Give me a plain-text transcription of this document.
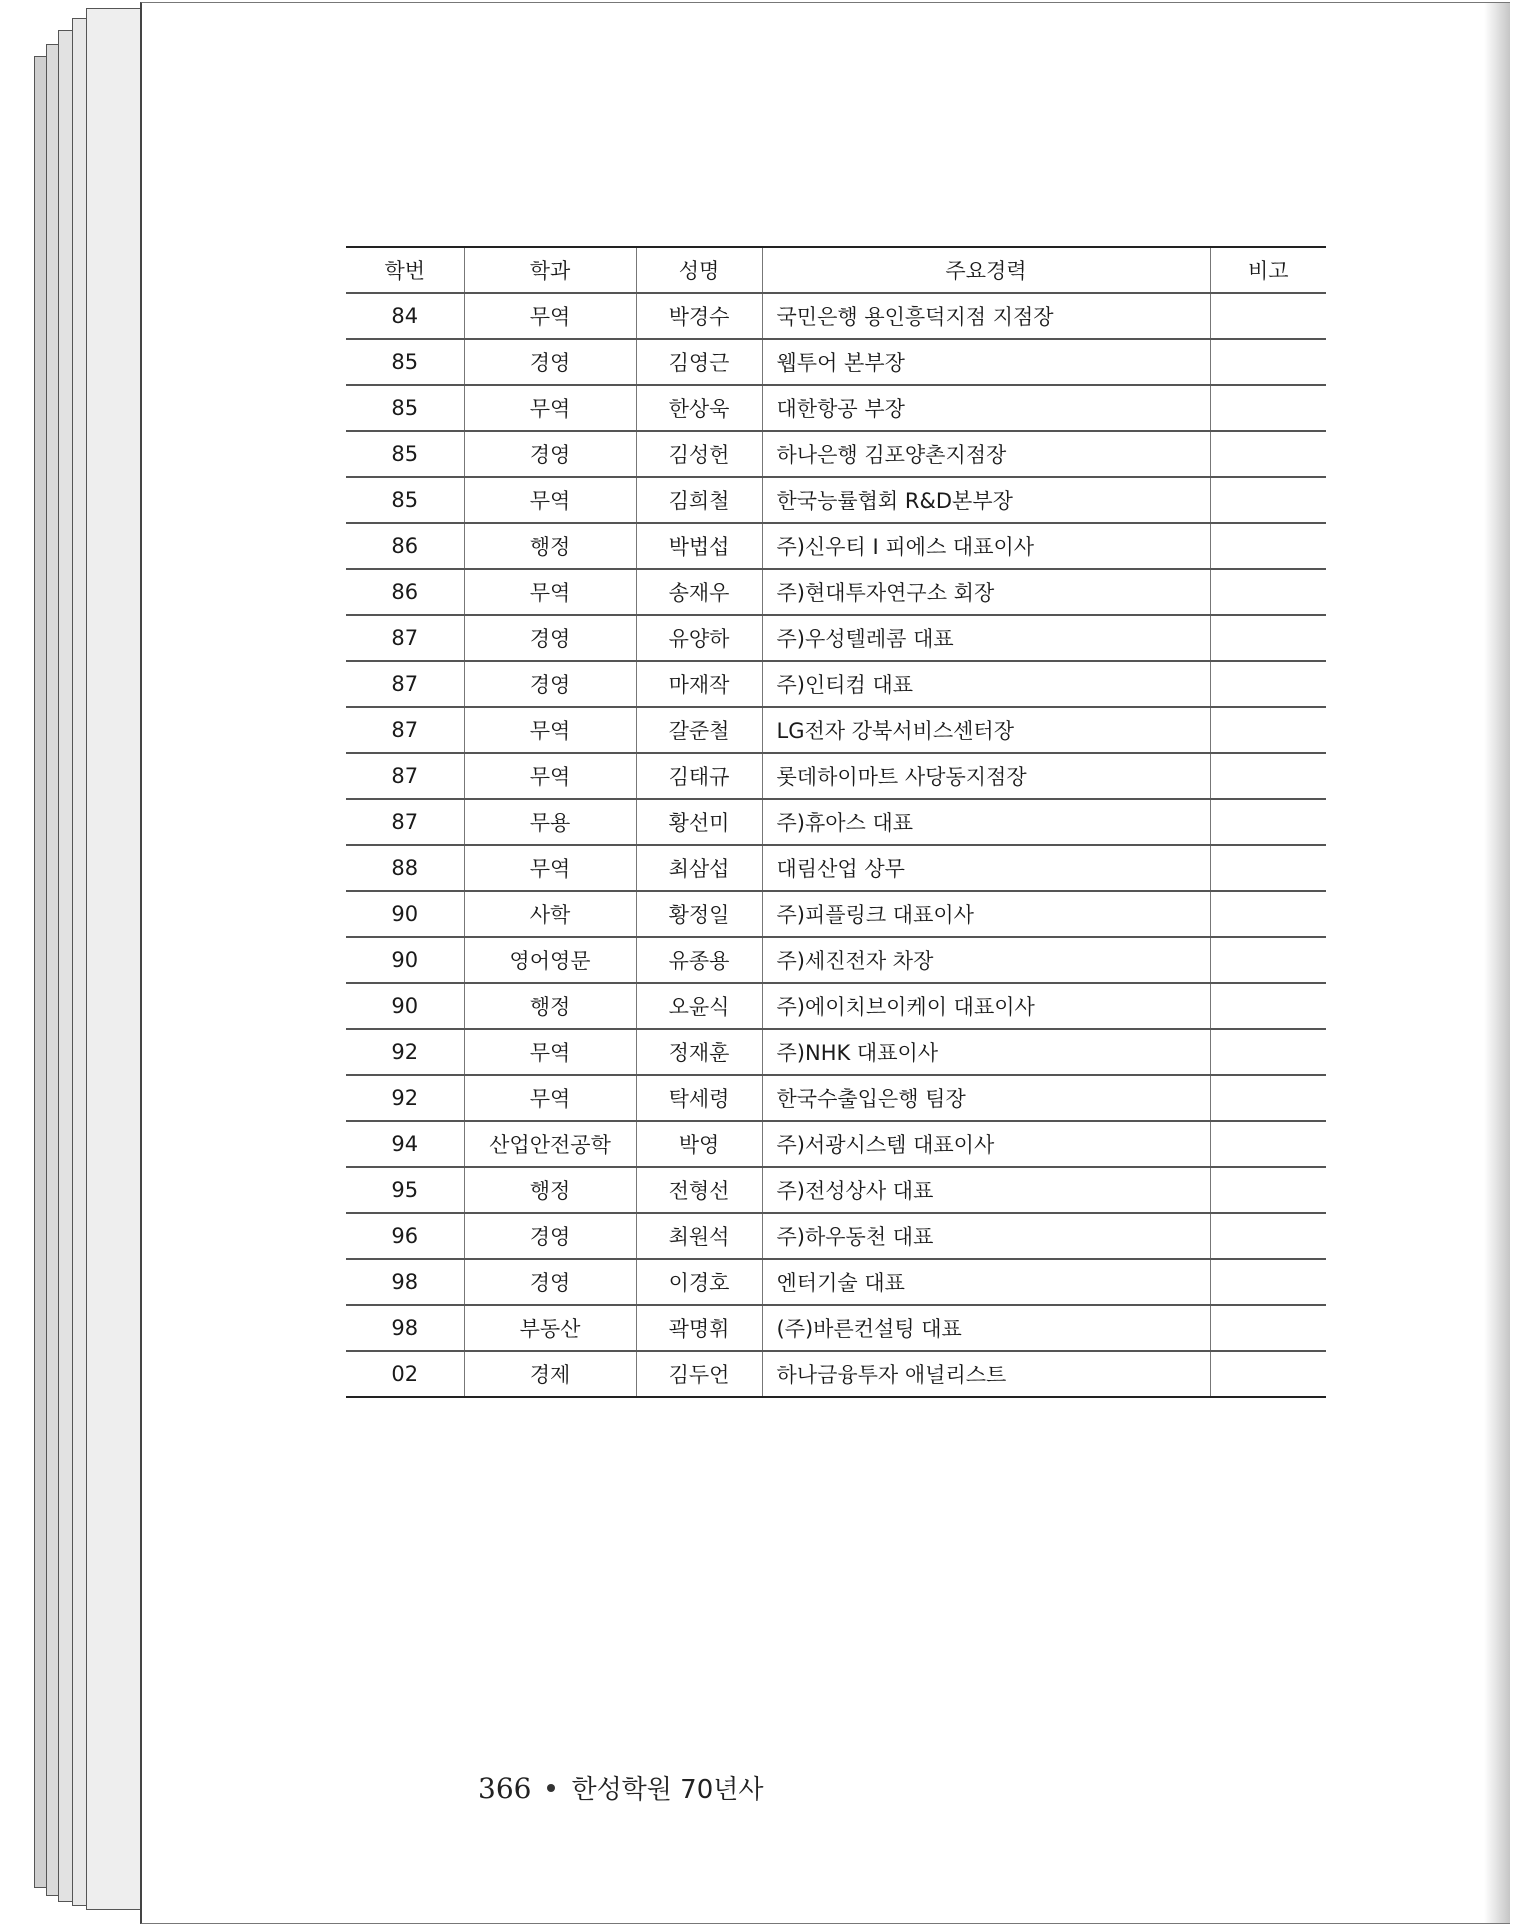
학번	학과	성명	주요경력	비고
84	무역	박경수	국민은행 용인흥덕지점 지점장	
85	경영	김영근	웹투어 본부장	
85	무역	한상욱	대한항공 부장	
85	경영	김성헌	하나은행 김포양촌지점장	
85	무역	김희철	한국능률협회 R&D본부장	
86	행정	박법섭	주)신우티 I 피에스 대표이사	
86	무역	송재우	주)현대투자연구소 회장	
87	경영	유양하	주)우성텔레콤 대표	
87	경영	마재작	주)인티컴 대표	
87	무역	갈준철	LG전자 강북서비스센터장	
87	무역	김태규	롯데하이마트 사당동지점장	
87	무용	황선미	주)휴아스 대표	
88	무역	최삼섭	대림산업 상무	
90	사학	황정일	주)피플링크 대표이사	
90	영어영문	유종용	주)세진전자 차장	
90	행정	오윤식	주)에이치브이케이 대표이사	
92	무역	정재훈	주)NHK 대표이사	
92	무역	탁세령	한국수출입은행 팀장	
94	산업안전공학	박영	주)서광시스템 대표이사	
95	행정	전형선	주)전성상사 대표	
96	경영	최원석	주)하우동천 대표	
98	경영	이경호	엔터기술 대표	
98	부동산	곽명휘	(주)바른컨설팅 대표	
02	경제	김두언	하나금융투자 애널리스트	
366 한성학원 70년사
